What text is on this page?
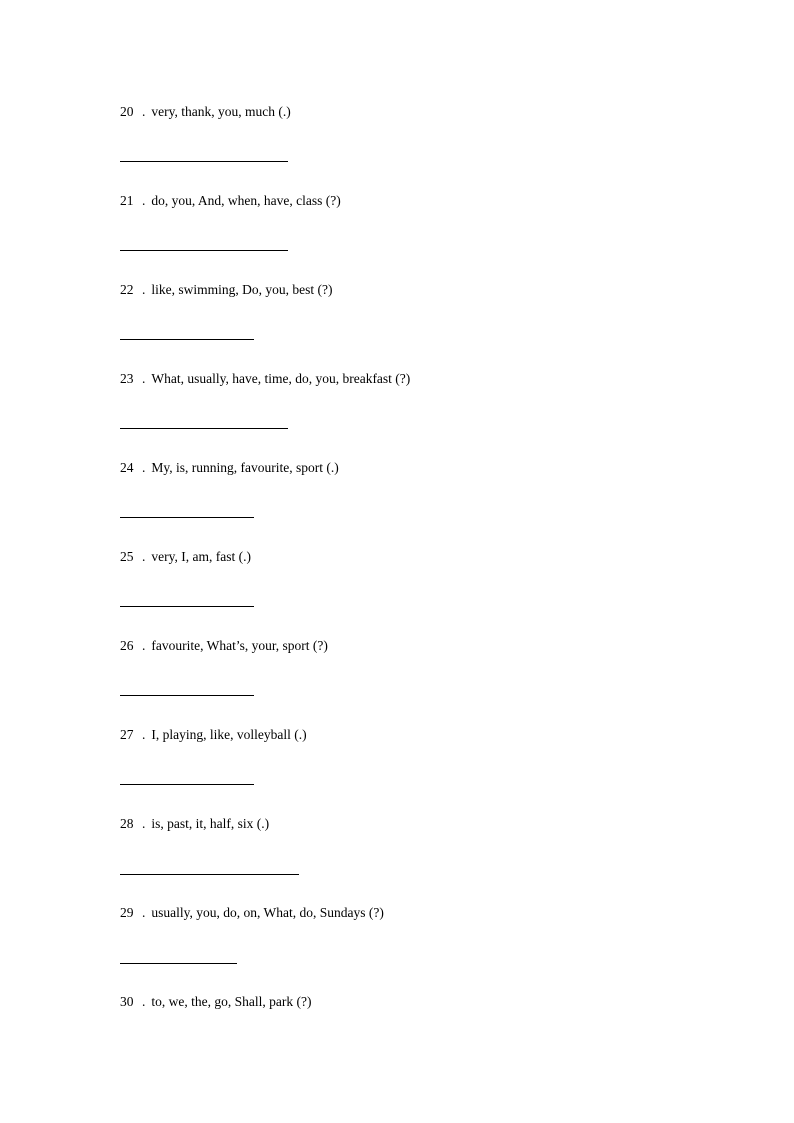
20 . very, thank, you, much (.)
21 . do, you, And, when, have, class (?)
22 . like, swimming, Do, you, best (?)
23 . What, usually, have, time, do, you, breakfast (?)
24 . My, is, running, favourite, sport (.)
25 . very, I, am, fast (.)
26 . favourite, What’s, your, sport (?)
27 . I, playing, like, volleyball (.)
28 . is, past, it, half, six (.)
29 . usually, you, do, on, What, do, Sundays (?)
30 . to, we, the, go, Shall, park (?)
